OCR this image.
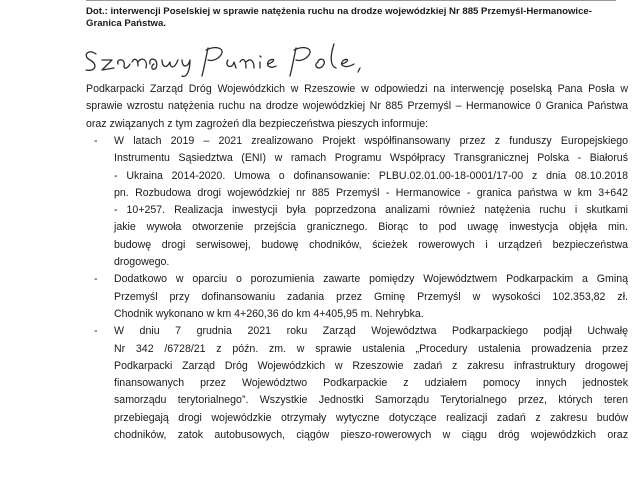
Dot.: interwencji Poselskiej w sprawie natężenia ruchu na drodze wojewódzkiej Nr 885 Przemyśl-Hermanowice-Granica Państwa.

Podkarpacki Zarząd Dróg Wojewódzkich w Rzeszowie w odpowiedzi na interwencję poselską Pana Posła w sprawie wzrostu natężenia ruchu na drodze wojewódzkiej Nr 885 Przemyśl – Hermanowice 0 Granica Państwa oraz związanych z tym zagrożeń dla bezpieczeństwa pieszych informuje:

- W latach 2019 – 2021 zrealizowano Projekt współfinansowany przez z funduszy Europejskiego
Instrumentu Sąsiedztwa (ENI) w ramach Programu Współpracy Transgranicznej Polska - Białoruś
- Ukraina 2014-2020. Umowa o dofinansowanie: PLBU.02.01.00-18-0001/17-00 z dnia 08.10.2018
pn. Rozbudowa drogi wojewódzkiej nr 885 Przemyśl - Hermanowice - granica państwa w km 3+642
- 10+257. Realizacja inwestycji była poprzedzona analizami również natężenia ruchu i skutkami
jakie wywoła otworzenie przejścia granicznego. Biorąc to pod uwagę inwestycja objęła min.
budowę drogi serwisowej, budowę chodników, ścieżek rowerowych i urządzeń bezpieczeństwa
drogowego.

- Dodatkowo w oparciu o porozumienia zawarte pomiędzy Województwem Podkarpackim a Gminą
Przemyśl przy dofinansowaniu zadania przez Gminę Przemyśl w wysokości 102.353,82 zł.
Chodnik wykonano w km 4+260,36 do km 4+405,95 m. Nehrybka.

- W dniu 7 grudnia 2021 roku Zarząd Województwa Podkarpackiego podjął Uchwałę
Nr 342 /6728/21 z późn. zm. w sprawie ustalenia „Procedury ustalenia prowadzenia przez
Podkarpacki Zarząd Dróg Wojewódzkich w Rzeszowie zadań z zakresu infrastruktury drogowej
finansowanych przez Województwo Podkarpackie z udziałem pomocy innych jednostek
samorządu terytorialnego”. Wszystkie Jednostki Samorządu Terytorialnego przez, których teren
przebiegają drogi wojewódzkie otrzymały wytyczne dotyczące realizacji zadań z zakresu budów
chodników, zatok autobusowych, ciągów pieszo-rowerowych w ciągu dróg wojewódzkich oraz
